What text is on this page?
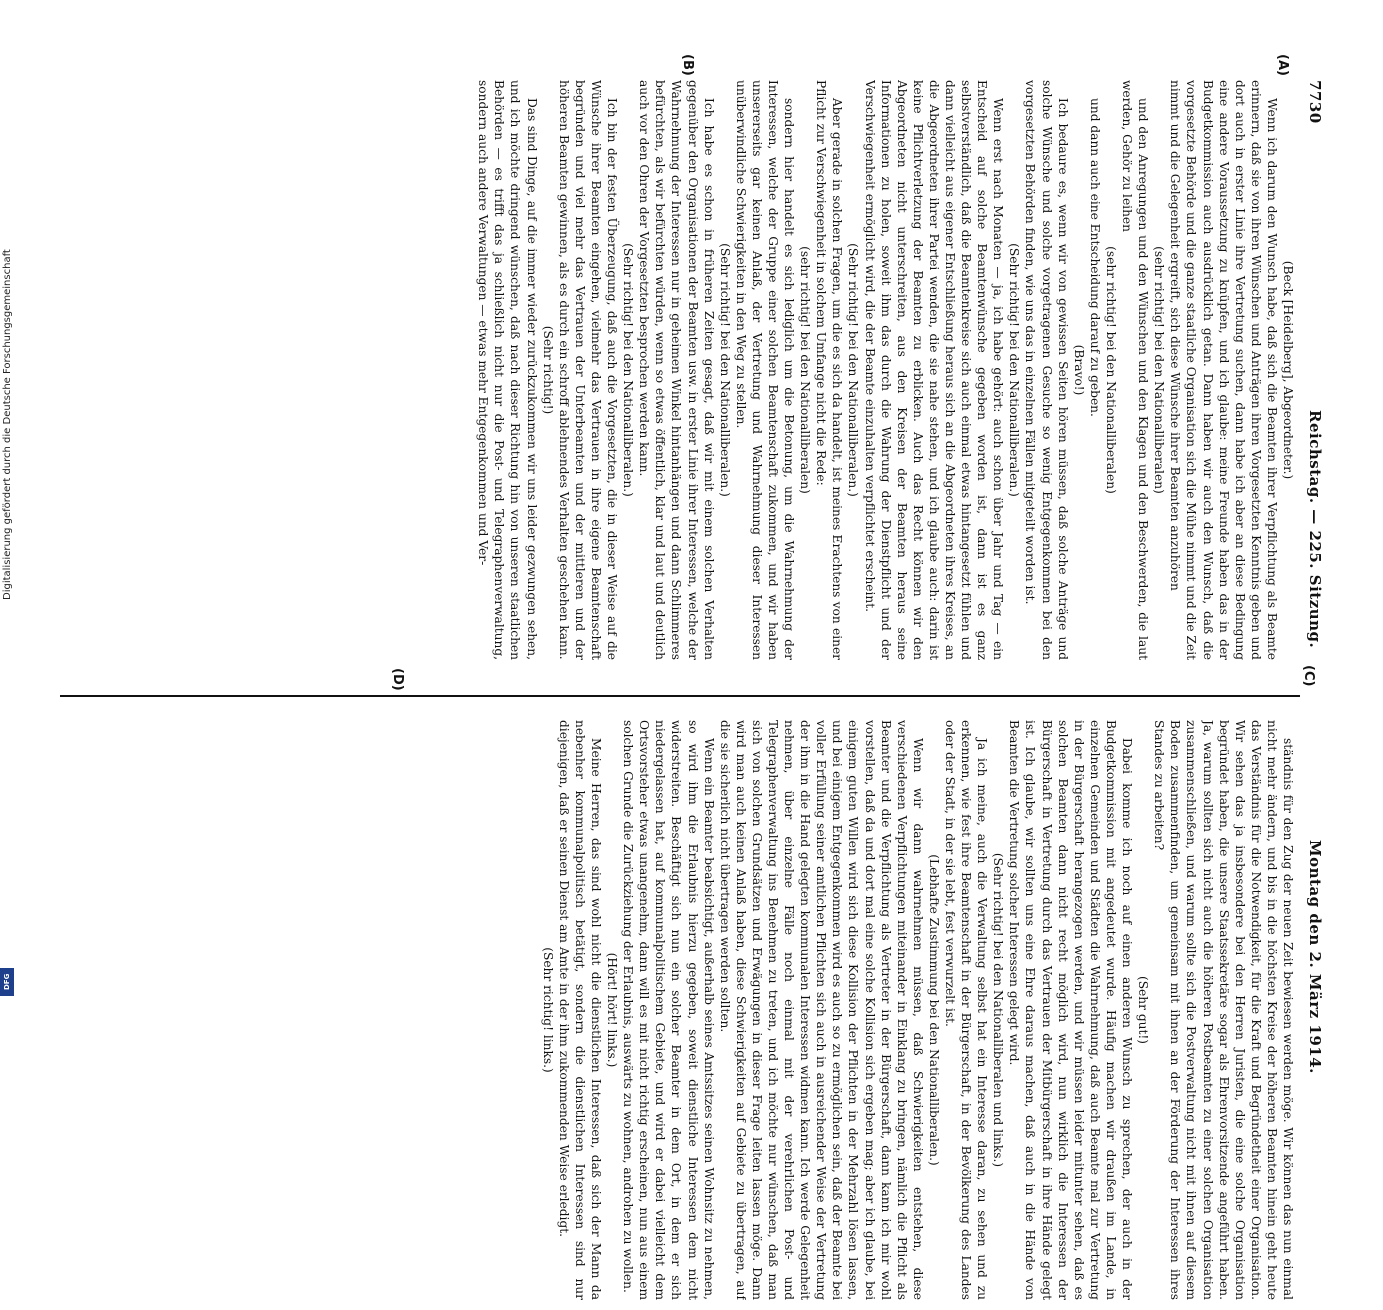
7730
Reichstag. — 225. Sitzung.
Montag den 2. März 1914.
(A)
(B)
(C)
(D)

(Beck [Heidelberg], Abgeordneter.)

Wenn ich darum den Wunsch habe, daß sich die Beamten ihrer Verpflichtung als Beamte erinnern, daß sie von ihren Wünschen und Anträgen ihren Vorgesetzten Kenntnis geben und dort auch in erster Linie ihre Vertretung suchen, dann habe ich aber an diese Bedingung eine andere Voraussetzung zu knüpfen, und ich glaube: meine Freunde haben das in der Budgetkommission auch ausdrücklich getan. Dann haben wir auch den Wunsch, daß die vorgesetzte Behörde und die ganze staatliche Organisation sich die Mühe nimmt und die Zeit nimmt und die Gelegenheit ergreift, sich diese Wünsche ihrer Beamten anzuhören

(sehr richtig! bei den Nationalliberalen)

und den Anregungen und den Wünschen und den Klagen und den Beschwerden, die laut werden, Gehör zu leihen

(sehr richtig! bei den Nationalliberalen)

und dann auch eine Entscheidung darauf zu geben.

(Bravo!)

Ich bedaure es, wenn wir von gewissen Seiten hören müssen, daß solche Anträge und solche Wünsche und solche vorgetragenen Gesuche so wenig Entgegenkommen bei den vorgesetzten Behörden finden, wie uns das in einzelnen Fällen mitgeteilt worden ist.

(Sehr richtig! bei den Nationalliberalen.)

Wenn erst nach Monaten — ja, ich habe gehört: auch schon über Jahr und Tag — ein Entscheid auf solche Beamtenwünsche gegeben worden ist, dann ist es ganz selbstverständlich, daß die Beamtenkreise sich auch einmal etwas hintangesetzt fühlen und dann vielleicht aus eigener Entschließung heraus sich an die Abgeordneten ihres Kreises, an die Abgeordneten ihrer Partei wenden, die sie nahe stehen, und ich glaube auch: darin ist keine Pflichtverletzung der Beamten zu erblicken. Auch das Recht können wir den Abgeordneten nicht unterschreiten, aus den Kreisen der Beamten heraus seine Informationen zu holen, soweit ihm das durch die Wahrung der Dienstpflicht und der Verschwiegenheit ermöglicht wird, die der Beamte einzuhalten verpflichtet erscheint.

(Sehr richtig! bei den Nationalliberalen.)

Aber gerade in solchen Fragen, um die es sich da handelt, ist meines Erachtens von einer Pflicht zur Verschwiegenheit in solchem Umfange nicht die Rede:

(sehr richtig! bei den Nationalliberalen)

sondern hier handelt es sich lediglich um die Betonung, um die Wahrnehmung der Interessen, welche der Gruppe einer solchen Beamtenschaft zukommen, und wir haben unsererseits gar keinen Anlaß, der Vertretung und Wahrnehmung dieser Interessen unüberwindliche Schwierigkeiten in den Weg zu stellen.

(Sehr richtig! bei den Nationalliberalen.)

Ich habe es schon in früheren Zeiten gesagt, daß wir mit einem solchen Verhalten gegenüber den Organisationen der Beamten usw. in erster Linie ihrer Interessen, welche der Wahrnehmung der Interessen nur in geheimen Winkel hintanhängen und dann Schlimmeres befürchten, als wir befürchten würden, wenn so etwas öffentlich, klar und laut und deutlich auch vor den Ohren der Vorgesetzten besprochen werden kann.

(Sehr richtig! bei den Nationalliberalen.)

Ich bin der festen Überzeugung, daß auch die Vorgesetzten, die in dieser Weise auf die Wünsche ihrer Beamten eingehen, vielmehr das Vertrauen in ihre eigene Beamtenschaft begründen und viel mehr das Vertrauen der Unterbeamten und der mittleren und der höheren Beamten gewinnen, als es durch ein schroff ablehnendes Verhalten geschehen kann.

(Sehr richtig!)

Das sind Dinge, auf die immer wieder zurückzukommen wir uns leider gezwungen sehen, und ich möchte dringend wünschen, daß nach dieser Richtung hin von unseren staatlichen Behörden — es trifft das ja schließlich nicht nur die Post- und Telegraphenverwaltung, sondern auch andere Verwaltungen — etwas mehr Entgegenkommen und Ver-

ständnis für den Zug der neuen Zeit bewiesen werden möge. Wir können das nun einmal nicht mehr ändern, und bis in die höchsten Kreise der höheren Beamten hinein geht heute das Verständnis für die Notwendigkeit, für die Kraft und Begründetheit einer Organisation. Wir sehen das ja insbesondere bei den Herren Juristen, die eine solche Organisation begründet haben, die unsere Staatssekretäre sogar als Ehrenvorsitzende angeführt haben. Ja, warum sollten sich nicht auch die höheren Postbeamten zu einer solchen Organisation zusammenschließen, und warum sollte sich die Postverwaltung nicht mit ihnen auf diesem Boden zusammenfinden, um gemeinsam mit ihnen an der Förderung der Interessen ihres Standes zu arbeiten?

(Sehr gut!)

Dabei komme ich noch auf einen anderen Wunsch zu sprechen, der auch in der Budgetkommission mit angedeutet wurde. Häufig machen wir draußen im Lande, in einzelnen Gemeinden und Städten die Wahrnehmung, daß auch Beamte mal zur Vertretung in der Bürgerschaft herangezogen werden, und wir müssen leider mitunter sehen, daß es solchen Beamten dann nicht recht möglich wird, nun wirklich die Interessen der Bürgerschaft in Vertretung durch das Vertrauen der Mitbürgerschaft in ihre Hände gelegt ist. Ich glaube, wir sollten uns eine Ehre daraus machen, daß auch in die Hände von Beamten die Vertretung solcher Interessen gelegt wird.

(Sehr richtig! bei den Nationalliberalen und links.)

Ja ich meine, auch die Verwaltung selbst hat ein Interesse daran, zu sehen und zu erkennen, wie fest ihre Beamtenschaft in der Bürgerschaft, in der Bevölkerung des Landes oder der Stadt, in der sie lebt, fest verwurzelt ist.

(Lebhafte Zustimmung bei den Nationalliberalen.)

Wenn wir dann wahrnehmen müssen, daß Schwierigkeiten entstehen, diese verschiedenen Verpflichtungen miteinander in Einklang zu bringen, nämlich die Pflicht als Beamter und die Verpflichtung als Vertreter in der Bürgerschaft, dann kann ich mir wohl vorstellen, daß da und dort mal eine solche Kollision sich ergeben mag; aber ich glaube, bei einigem guten Willen wird sich diese Kollision der Pflichten in der Mehrzahl lösen lassen, und bei einigem Entgegenkommen wird es auch so zu ermöglichen sein, daß der Beamte bei voller Erfüllung seiner amtlichen Pflichten sich auch in ausreichender Weise der Vertretung der ihm in die Hand gelegten kommunalen Interessen widmen kann. Ich werde Gelegenheit nehmen, über einzelne Fälle noch einmal mit der verehrlichen Post- und Telegraphenverwaltung ins Benehmen zu treten, und ich möchte nur wünschen, daß man sich von solchen Grundsätzen und Erwägungen in dieser Frage leiten lassen möge. Dann wird man auch keinen Anlaß haben, diese Schwierigkeiten auf Gebiete zu übertragen, auf die sie sicherlich nicht übertragen werden sollten.

Wenn ein Beamter beabsichtigt, außerhalb seines Amtssitzes seinen Wohnsitz zu nehmen, so wird ihm die Erlaubnis hierzu gegeben, soweit dienstliche Interessen dem nicht widerstreiten. Beschäftigt sich nun ein solcher Beamter in dem Ort, in dem er sich niedergelassen hat, auf kommunalpolitischem Gebiete, und wird er dabei vielleicht dem Ortsvorsteher etwas unangenehm, dann will es mit nicht richtig erscheinen, nun aus einem solchen Grunde die Zurückziehung der Erlaubnis, auswärts zu wohnen, androhen zu wollen.

(Hört! hört! links.)

Meine Herren, das sind wohl nicht die dienstlichen Interessen, daß sich der Mann da nebenher kommunalpolitisch betätigt, sondern die dienstlichen Interessen sind nur diejenigen, daß er seinen Dienst am Amte in der ihm zukommenden Weise erledigt.

(Sehr richtig! links.)

Digitalisierung gefördert durch die Deutsche Forschungsgemeinschaft
DFG
